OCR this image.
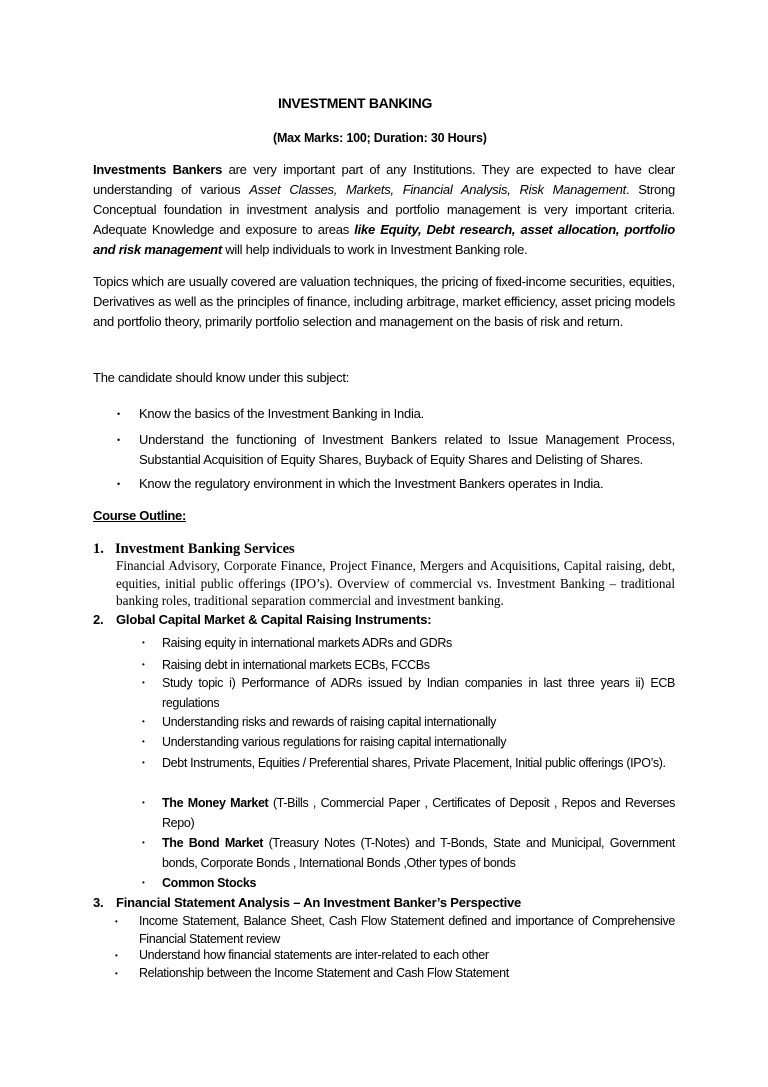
INVESTMENT BANKING
(Max Marks: 100; Duration: 30 Hours)
Investments Bankers are very important part of any Institutions. They are expected to have clear understanding of various Asset Classes, Markets, Financial Analysis, Risk Management. Strong Conceptual foundation in investment analysis and portfolio management is very important criteria. Adequate Knowledge and exposure to areas like Equity, Debt research, asset allocation, portfolio and risk management will help individuals to work in Investment Banking role.
Topics which are usually covered are valuation techniques, the pricing of fixed-income securities, equities, Derivatives as well as the principles of finance, including arbitrage, market efficiency, asset pricing models and portfolio theory, primarily portfolio selection and management on the basis of risk and return.
The candidate should know under this subject:
• Know the basics of the Investment Banking in India.
• Understand the functioning of Investment Bankers related to Issue Management Process, Substantial Acquisition of Equity Shares, Buyback of Equity Shares and Delisting of Shares.
• Know the regulatory environment in which the Investment Bankers operates in India.
Course Outline:
1. Investment Banking Services
Financial Advisory, Corporate Finance, Project Finance, Mergers and Acquisitions, Capital raising, debt, equities, initial public offerings (IPO’s). Overview of commercial vs. Investment Banking – traditional banking roles, traditional separation commercial and investment banking.
2. Global Capital Market & Capital Raising Instruments:
• Raising equity in international markets ADRs and GDRs
• Raising debt in international markets ECBs, FCCBs
• Study topic i) Performance of ADRs issued by Indian companies in last three years ii) ECB regulations
• Understanding risks and rewards of raising capital internationally
• Understanding various regulations for raising capital internationally
• Debt Instruments, Equities / Preferential shares, Private Placement, Initial public offerings (IPO’s).
• The Money Market (T-Bills , Commercial Paper , Certificates of Deposit , Repos and Reverses Repo)
• The Bond Market (Treasury Notes (T-Notes) and T-Bonds, State and Municipal, Government bonds, Corporate Bonds , International Bonds ,Other types of bonds
• Common Stocks
3. Financial Statement Analysis – An Investment Banker’s Perspective
• Income Statement, Balance Sheet, Cash Flow Statement defined and importance of Comprehensive Financial Statement review
• Understand how financial statements are inter-related to each other
• Relationship between the Income Statement and Cash Flow Statement
